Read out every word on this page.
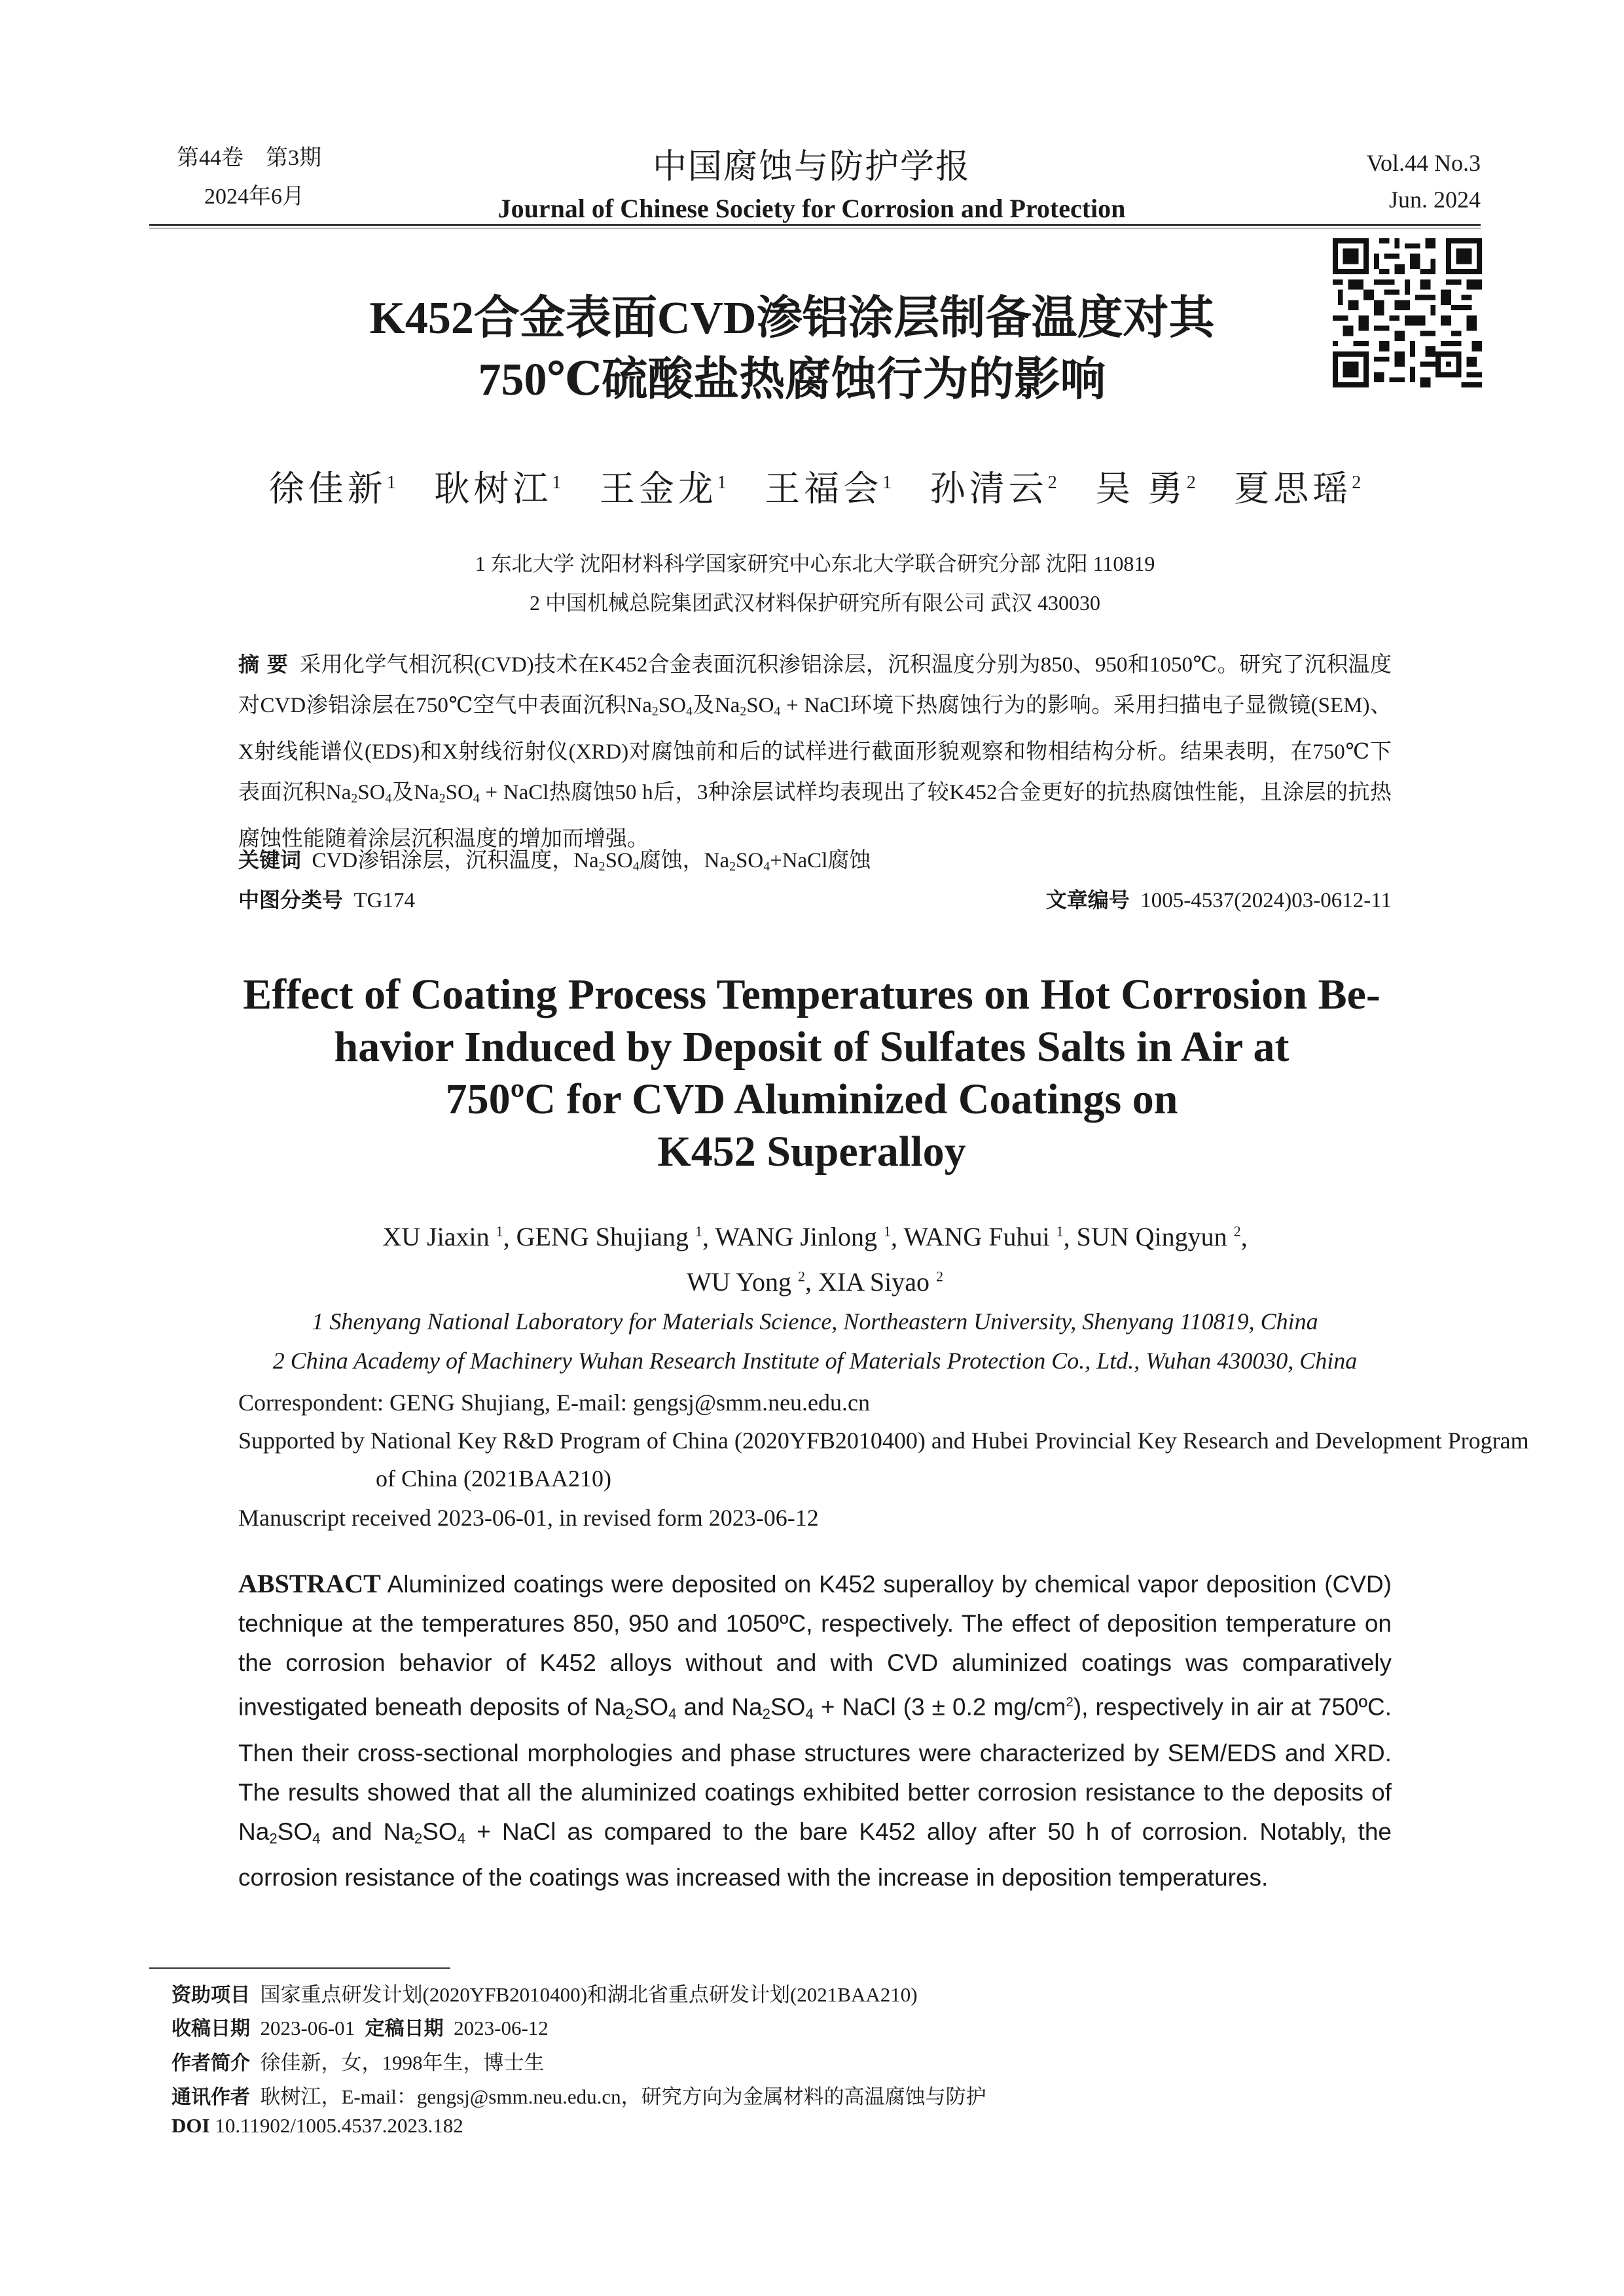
第44卷　第3期
2024年6月
中国腐蚀与防护学报
Journal of Chinese Society for Corrosion and Protection
Vol.44 No.3
Jun. 2024
K452合金表面CVD渗铝涂层制备温度对其
750℃硫酸盐热腐蚀行为的影响
徐佳新$^1$ 耿树江$^1$ 王金龙$^1$ 王福会$^1$ 孙清云$^2$ 吴 勇$^2$ 夏思瑶$^2$
1 东北大学 沈阳材料科学国家研究中心东北大学联合研究分部 沈阳 110819
2 中国机械总院集团武汉材料保护研究所有限公司 武汉 430030
摘 要 采用化学气相沉积(CVD)技术在K452合金表面沉积渗铝涂层，沉积温度分别为850、950和1050℃。研究了沉积温度对CVD渗铝涂层在750℃空气中表面沉积$Na_2SO_4$及$Na_2SO_4$ + NaCl环境下热腐蚀行为的影响。采用扫描电子显微镜(SEM)、X射线能谱仪(EDS)和X射线衍射仪(XRD)对腐蚀前和后的试样进行截面形貌观察和物相结构分析。结果表明，在750℃下表面沉积$Na_2SO_4$及$Na_2SO_4$ + NaCl热腐蚀50 h后，3种涂层试样均表现出了较K452合金更好的抗热腐蚀性能，且涂层的抗热腐蚀性能随着涂层沉积温度的增加而增强。
关键词 CVD渗铝涂层，沉积温度，$Na_2SO_4$腐蚀，$Na_2SO_4+NaCl$腐蚀
中图分类号 TG174	文章编号 1005-4537(2024)03-0612-11
Effect of Coating Process Temperatures on Hot Corrosion Be-
havior Induced by Deposit of Sulfates Salts in Air at
750ºC for CVD Aluminized Coatings on
K452 Superalloy
XU Jiaxin $^1$, GENG Shujiang $^1$, WANG Jinlong $^1$, WANG Fuhui $^1$, SUN Qingyun $^2$,
WU Yong $^2$, XIA Siyao $^2$
1 Shenyang National Laboratory for Materials Science, Northeastern University, Shenyang 110819, China
2 China Academy of Machinery Wuhan Research Institute of Materials Protection Co., Ltd., Wuhan 430030, China
Correspondent: GENG Shujiang, E-mail: gengsj@smm.neu.edu.cn
Supported by National Key R&D Program of China (2020YFB2010400) and Hubei Provincial Key Research and Development Program of China (2021BAA210)
Manuscript received 2023-06-01, in revised form 2023-06-12
ABSTRACT Aluminized coatings were deposited on K452 superalloy by chemical vapor deposition (CVD) technique at the temperatures 850, 950 and 1050ºC, respectively. The effect of deposition temperature on the corrosion behavior of K452 alloys without and with CVD aluminized coatings was comparatively investigated beneath deposits of $Na_2SO_4$ and $Na_2SO_4$ + NaCl (3 ± 0.2 $mg/cm^2$), respectively in air at 750ºC. Then their cross-sectional morphologies and phase structures were characterized by SEM/EDS and XRD. The results showed that all the aluminized coatings exhibited better corrosion resistance to the deposits of $Na_2SO_4$ and $Na_2SO_4$ + NaCl as compared to the bare K452 alloy after 50 h of corrosion. Notably, the corrosion resistance of the coatings was increased with the increase in deposition temperatures.
资助项目 国家重点研发计划(2020YFB2010400)和湖北省重点研发计划(2021BAA210)
收稿日期 2023-06-01 定稿日期 2023-06-12
作者简介 徐佳新，女，1998年生，博士生
通讯作者 耿树江，E-mail：gengsj@smm.neu.edu.cn，研究方向为金属材料的高温腐蚀与防护
DOI 10.11902/1005.4537.2023.182
